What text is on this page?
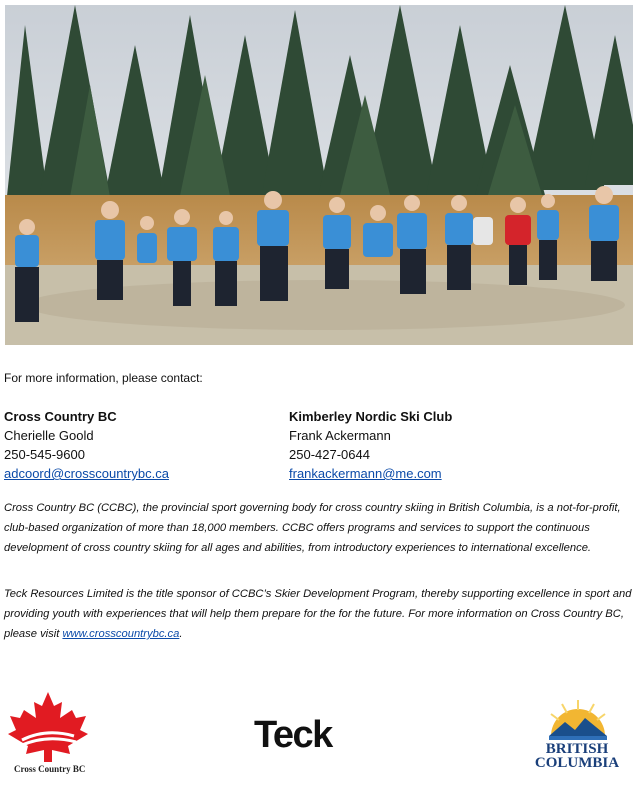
For more information, please contact:
Cross Country BC
Cherielle Goold
250-545-9600
adcoord@crosscountrybc.ca
Kimberley Nordic Ski Club
Frank Ackermann
250-427-0644
frankackermann@me.com
Cross Country BC (CCBC), the provincial sport governing body for cross country skiing in British Columbia, is a not-for-profit, club-based organization of more than 18,000 members. CCBC offers programs and services to support the continuous development of cross country skiing for all ages and abilities, from introductory experiences to international excellence.
Teck Resources Limited is the title sponsor of CCBC’s Skier Development Program, thereby supporting excellence in sport and providing youth with experiences that will help them prepare for the for the future. For more information on Cross Country BC, please visit www.crosscountrybc.ca.
Cross Country BC
Teck	BRITISH
COLUMBIA
